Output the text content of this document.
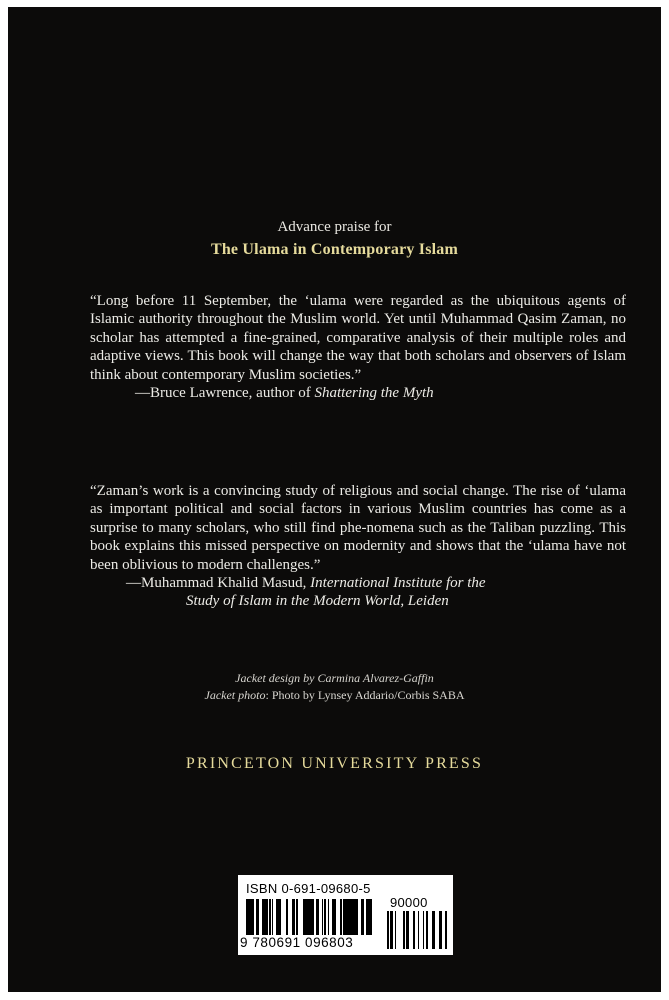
Advance praise for
The Ulama in Contemporary Islam

“Long before 11 September, the ‘ulama were regarded as the ubiquitous agents of Islamic authority throughout the Muslim world. Yet until Muhammad Qasim Zaman, no scholar has attempted a fine-grained, comparative analysis of their multiple roles and adaptive views. This book will change the way that both scholars and observers of Islam think about contemporary Muslim societies.”

—Bruce Lawrence, author of Shattering the Myth

“Zaman’s work is a convincing study of religious and social change. The rise of ‘ulama as important political and social factors in various Muslim countries has come as a surprise to many scholars, who still find phe-nomena such as the Taliban puzzling. This book explains this missed perspective on modernity and shows that the ‘ulama have not been oblivious to modern challenges.”

—Muhammad Khalid Masud, International Institute for the
Study of Islam in the Modern World, Leiden
Jacket design by Carmina Alvarez-Gaffin
Jacket photo: Photo by Lynsey Addario/Corbis SABA
PRINCETON UNIVERSITY PRESS
ISBN 0-691-09680-5
90000
9 780691 096803
